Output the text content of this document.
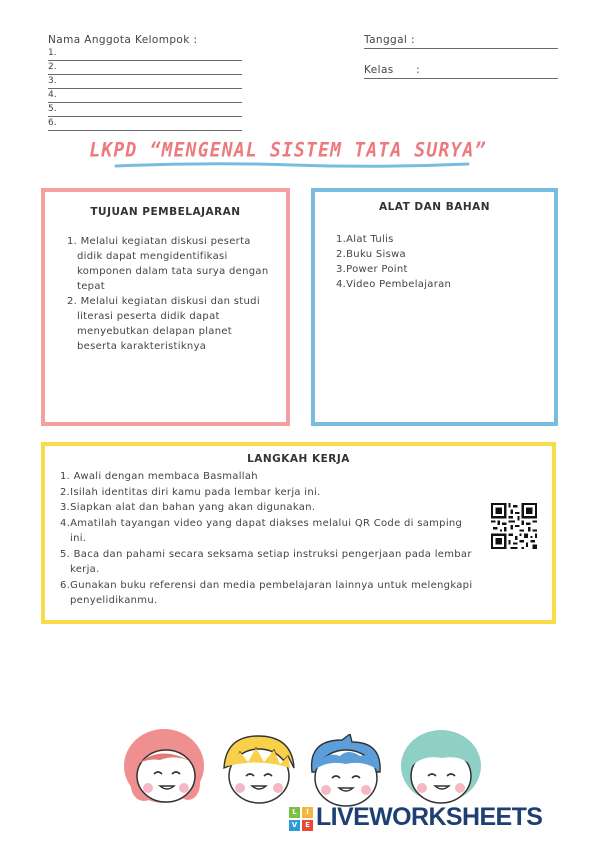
Nama Anggota Kelompok :
1.
2.
3.
4.
5.
6.
Tanggal :
Kelas      :
LKPD “MENGENAL SISTEM TATA SURYA”
TUJUAN PEMBELAJARAN
1. Melalui kegiatan diskusi peserta didik dapat mengidentifikasi komponen dalam tata surya dengan tepat
2. Melalui kegiatan diskusi dan studi literasi peserta didik dapat menyebutkan delapan planet beserta karakteristiknya
ALAT DAN BAHAN
1.Alat Tulis
2.Buku Siswa
3.Power Point
4.Video Pembelajaran
LANGKAH KERJA
1. Awali dengan membaca Basmallah
2.Isilah identitas diri kamu pada lembar kerja ini.
3.Siapkan alat dan bahan yang akan digunakan.
4.Amatilah tayangan video yang dapat diakses melalui QR Code di samping ini.
5. Baca dan pahami secara seksama setiap instruksi pengerjaan pada lembar kerja.
6.Gunakan buku referensi dan media pembelajaran lainnya untuk melengkapi penyelidikanmu.
L	I
V	E LIVEWORKSHEETS
